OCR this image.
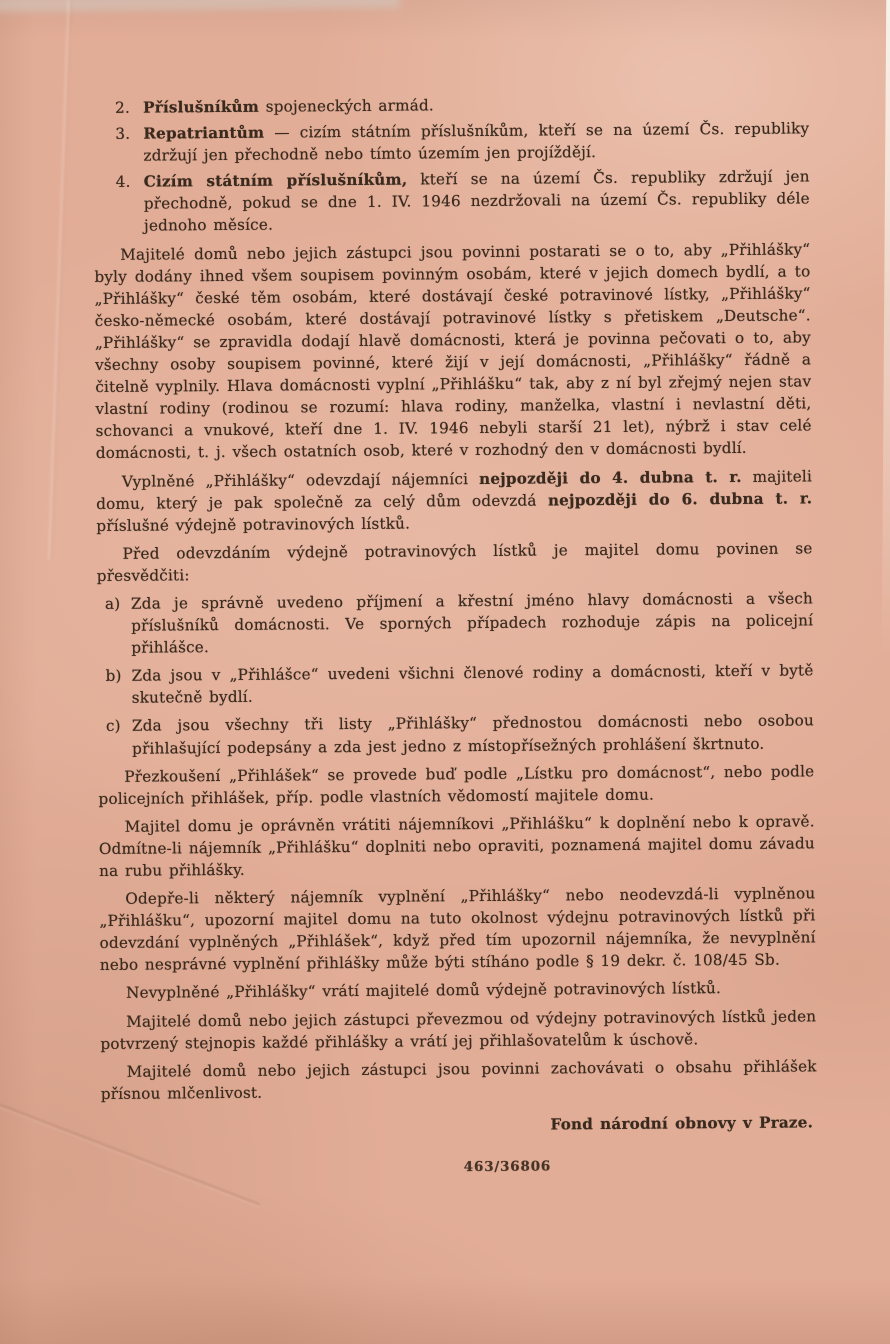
2. Příslušníkům spojeneckých armád.
3. Repatriantům — cizím státním příslušníkům, kteří se na území Čs. republiky zdržují jen přechodně nebo tímto územím jen projíždějí.
4. Cizím státním příslušníkům, kteří se na území Čs. republiky zdržují jen přechodně, pokud se dne 1. IV. 1946 nezdržovali na území Čs. republiky déle jednoho měsíce.

Majitelé domů nebo jejich zástupci jsou povinni postarati se o to, aby „Přihlášky“ byly dodány ihned všem soupisem povinným osobám, které v jejich domech bydlí, a to „Přihlášky“ české těm osobám, které dostávají české potravinové lístky, „Přihlášky“ česko-německé osobám, které dostávají potravinové lístky s přetiskem „Deutsche“. „Přihlášky“ se zpravidla dodají hlavě domácnosti, která je povinna pečovati o to, aby všechny osoby soupisem povinné, které žijí v její domácnosti, „Přihlášky“ řádně a čitelně vyplnily. Hlava domácnosti vyplní „Přihlášku“ tak, aby z ní byl zřejmý nejen stav vlastní rodiny (rodinou se rozumí: hlava rodiny, manželka, vlastní i nevlastní děti, schovanci a vnukové, kteří dne 1. IV. 1946 nebyli starší 21 let), nýbrž i stav celé domácnosti, t. j. všech ostatních osob, které v rozhodný den v domácnosti bydlí.

Vyplněné „Přihlášky“ odevzdají nájemníci nejpozději do 4. dubna t. r. majiteli domu, který je pak společně za celý dům odevzdá nejpozději do 6. dubna t. r. příslušné výdejně potravinových lístků.

Před odevzdáním výdejně potravinových lístků je majitel domu povinen se přesvědčiti:

a) Zda je správně uvedeno příjmení a křestní jméno hlavy domácnosti a všech příslušníků domácnosti. Ve sporných případech rozhoduje zápis na policejní přihlášce.
b) Zda jsou v „Přihlášce“ uvedeni všichni členové rodiny a domácnosti, kteří v bytě skutečně bydlí.
c) Zda jsou všechny tři listy „Přihlášky“ přednostou domácnosti nebo osobou přihlašující podepsány a zda jest jedno z místopřísežných prohlášení škrtnuto.

Přezkoušení „Přihlášek“ se provede buď podle „Lístku pro domácnost“, nebo podle policejních přihlášek, příp. podle vlastních vědomostí majitele domu.

Majitel domu je oprávněn vrátiti nájemníkovi „Přihlášku“ k doplnění nebo k opravě. Odmítne-li nájemník „Přihlášku“ doplniti nebo opraviti, poznamená majitel domu závadu na rubu přihlášky.

Odepře-li některý nájemník vyplnění „Přihlášky“ nebo neodevzdá-li vyplněnou „Přihlášku“, upozorní majitel domu na tuto okolnost výdejnu potravinových lístků při odevzdání vyplněných „Přihlášek“, když před tím upozornil nájemníka, že nevyplnění nebo nesprávné vyplnění přihlášky může býti stíháno podle § 19 dekr. č. 108/45 Sb.

Nevyplněné „Přihlášky“ vrátí majitelé domů výdejně potravinových lístků.

Majitelé domů nebo jejich zástupci převezmou od výdejny potravinových lístků jeden potvrzený stejnopis každé přihlášky a vrátí jej přihlašovatelům k úschově.

Majitelé domů nebo jejich zástupci jsou povinni zachovávati o obsahu přihlášek přísnou mlčenlivost.

Fond národní obnovy v Praze.

463/36806
